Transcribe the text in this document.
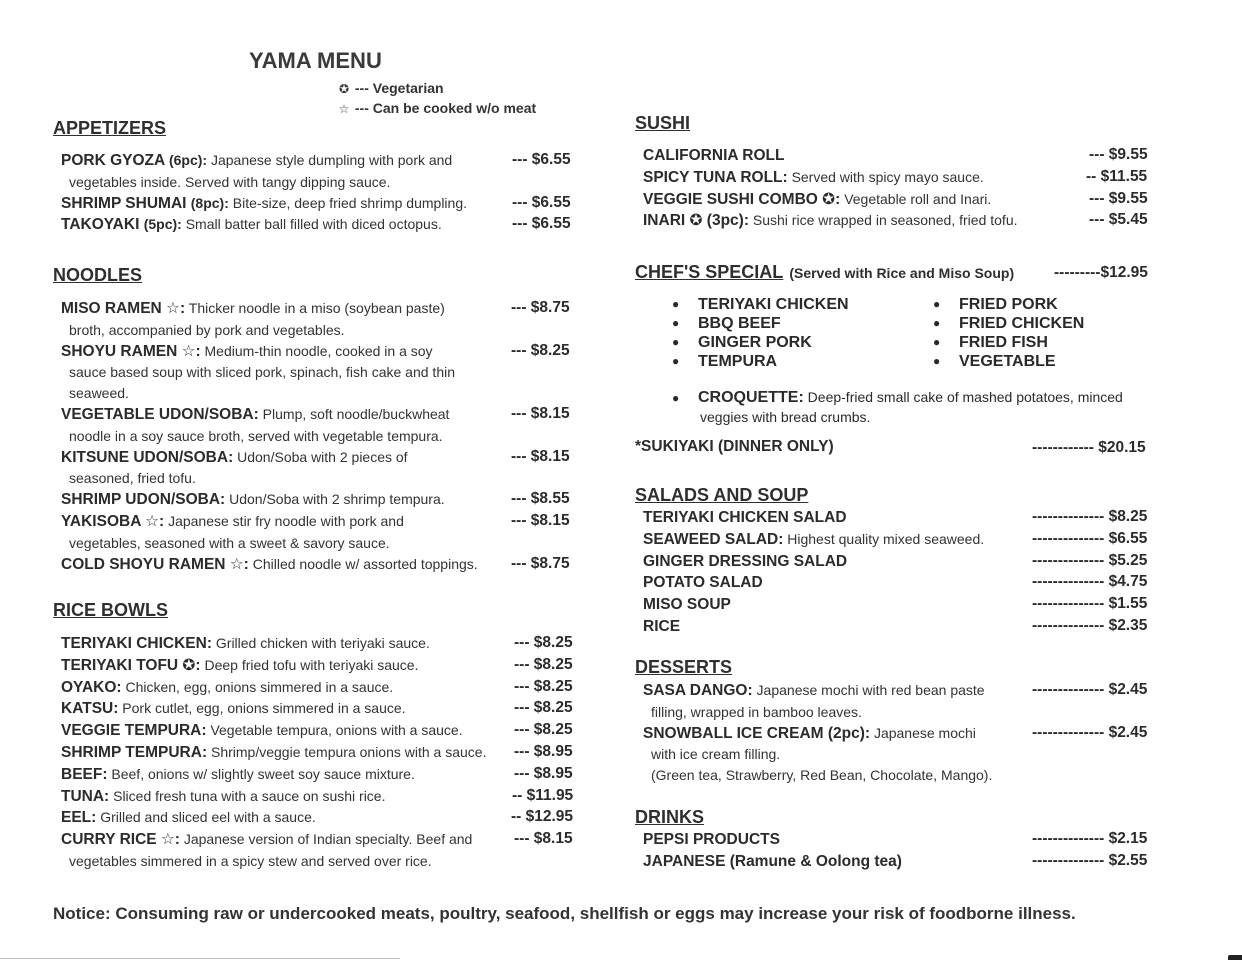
YAMA MENU
✪ --- Vegetarian
☆ --- Can be cooked w/o meat
APPETIZERS
PORK GYOZA (6pc): Japanese style dumpling with pork and
vegetables inside. Served with tangy dipping sauce.
--- $6.55
SHRIMP SHUMAI (8pc): Bite-size, deep fried shrimp dumpling.	--- $6.55
TAKOYAKI (5pc): Small batter ball filled with diced octopus.	--- $6.55
NOODLES
MISO RAMEN ☆: Thicker noodle in a miso (soybean paste)
broth, accompanied by pork and vegetables.
--- $8.75
SHOYU RAMEN ☆: Medium-thin noodle, cooked in a soy
sauce based soup with sliced pork, spinach, fish cake and thin seaweed.
--- $8.25
VEGETABLE UDON/SOBA: Plump, soft noodle/buckwheat
noodle in a soy sauce broth, served with vegetable tempura.
--- $8.15
KITSUNE UDON/SOBA: Udon/Soba with 2 pieces of
seasoned, fried tofu.
--- $8.15
SHRIMP UDON/SOBA: Udon/Soba with 2 shrimp tempura.	--- $8.55
YAKISOBA ☆: Japanese stir fry noodle with pork and
vegetables, seasoned with a sweet & savory sauce.
--- $8.15
COLD SHOYU RAMEN ☆: Chilled noodle w/ assorted toppings.	--- $8.75
RICE BOWLS
TERIYAKI CHICKEN: Grilled chicken with teriyaki sauce.	--- $8.25
TERIYAKI TOFU ✪: Deep fried tofu with teriyaki sauce.	--- $8.25
OYAKO: Chicken, egg, onions simmered in a sauce.	--- $8.25
KATSU: Pork cutlet, egg, onions simmered in a sauce.	--- $8.25
VEGGIE TEMPURA: Vegetable tempura, onions with a sauce.	--- $8.25
SHRIMP TEMPURA: Shrimp/veggie tempura onions with a sauce.	--- $8.95
BEEF: Beef, onions w/ slightly sweet soy sauce mixture.	--- $8.95
TUNA: Sliced fresh tuna with a sauce on sushi rice.	-- $11.95
EEL: Grilled and sliced eel with a sauce.	-- $12.95
CURRY RICE ☆: Japanese version of Indian specialty. Beef and
vegetables simmered in a spicy stew and served over rice.
--- $8.15
SUSHI
CALIFORNIA ROLL	--- $9.55
SPICY TUNA ROLL: Served with spicy mayo sauce.	-- $11.55
VEGGIE SUSHI COMBO ✪: Vegetable roll and Inari.	--- $9.55
INARI ✪ (3pc): Sushi rice wrapped in seasoned, fried tofu.	--- $5.45
CHEF'S SPECIAL (Served with Rice and Miso Soup)	---------$12.95
● TERIYAKI CHICKEN
● BBQ BEEF
● GINGER PORK
● TEMPURA
● FRIED PORK
● FRIED CHICKEN
● FRIED FISH
● VEGETABLE
● CROQUETTE: Deep-fried small cake of mashed potatoes, minced
veggies with bread crumbs.
*SUKIYAKI (DINNER ONLY)	------------ $20.15
SALADS AND SOUP
TERIYAKI CHICKEN SALAD	-------------- $8.25
SEAWEED SALAD: Highest quality mixed seaweed.	-------------- $6.55
GINGER DRESSING SALAD	-------------- $5.25
POTATO SALAD	-------------- $4.75
MISO SOUP	-------------- $1.55
RICE	-------------- $2.35
DESSERTS
SASA DANGO: Japanese mochi with red bean paste
filling, wrapped in bamboo leaves.
-------------- $2.45
SNOWBALL ICE CREAM (2pc): Japanese mochi
with ice cream filling.
(Green tea, Strawberry, Red Bean, Chocolate, Mango).
-------------- $2.45
DRINKS
PEPSI PRODUCTS	-------------- $2.15
JAPANESE (Ramune & Oolong tea)	-------------- $2.55
Notice: Consuming raw or undercooked meats, poultry, seafood, shellfish or eggs may increase your risk of foodborne illness.
